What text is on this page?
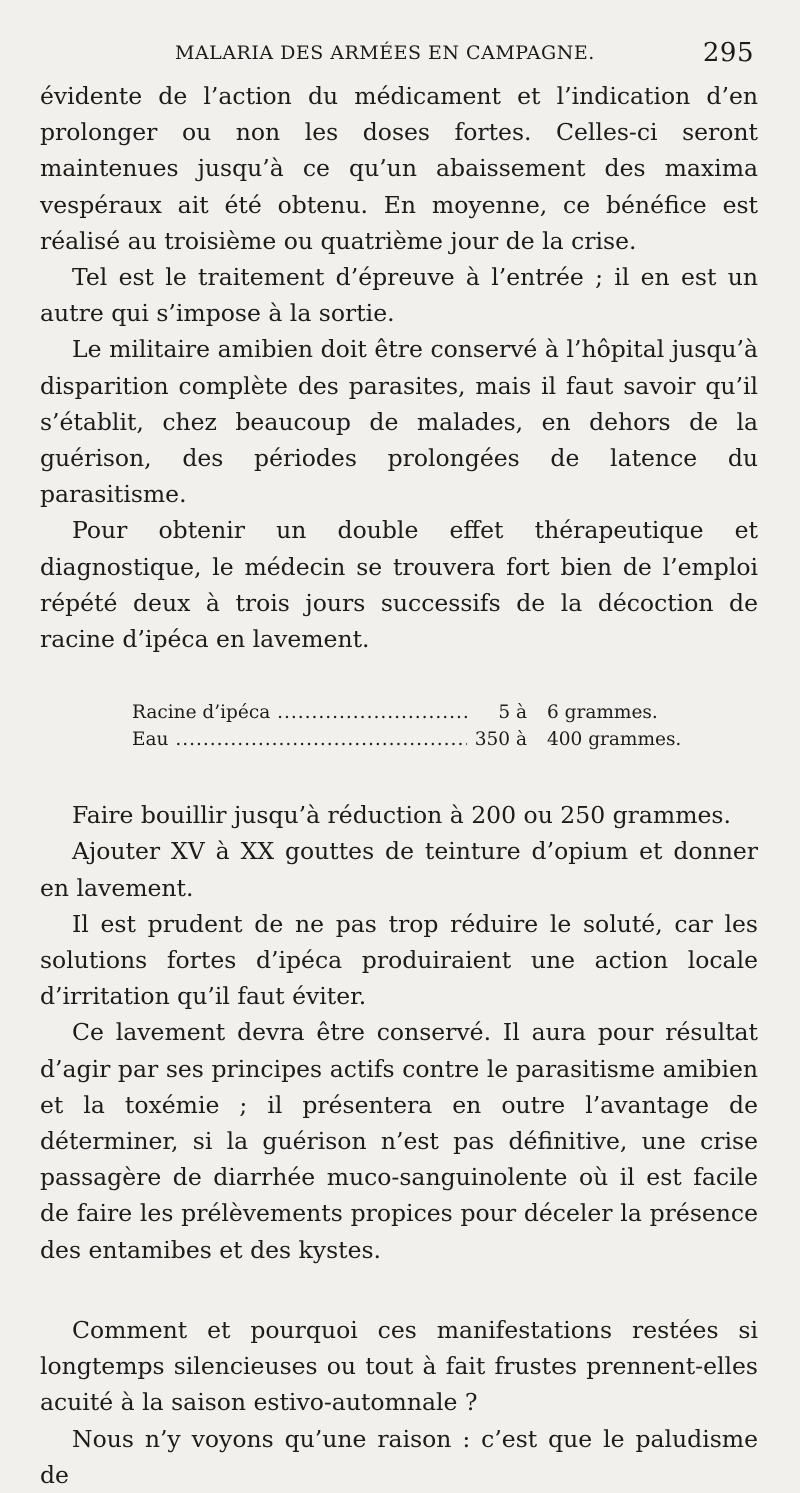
MALARIA DES ARMÉES EN CAMPAGNE.	295

évidente de l’action du médicament et l’indication d’en prolonger ou non les doses fortes. Celles-ci seront maintenues jusqu’à ce qu’un abaissement des maxima vespéraux ait été obtenu. En moyenne, ce bénéfice est réalisé au troisième ou quatrième jour de la crise.

Tel est le traitement d’épreuve à l’entrée ; il en est un autre qui s’impose à la sortie.

Le militaire amibien doit être conservé à l’hôpital jusqu’à disparition complète des parasites, mais il faut savoir qu’il s’établit, chez beaucoup de malades, en dehors de la guérison, des périodes prolongées de latence du parasitisme.

Pour obtenir un double effet thérapeutique et diagnostique, le médecin se trouvera fort bien de l’emploi répété deux à trois jours successifs de la décoction de racine d’ipéca en lavement.

Racine d’ipéca .....	5 à 6 grammes.
Eau .....	350 à 400 grammes.

Faire bouillir jusqu’à réduction à 200 ou 250 grammes.

Ajouter XV à XX gouttes de teinture d’opium et donner en lavement.

Il est prudent de ne pas trop réduire le soluté, car les solutions fortes d’ipéca produiraient une action locale d’irritation qu’il faut éviter.

Ce lavement devra être conservé. Il aura pour résultat d’agir par ses principes actifs contre le parasitisme amibien et la toxémie ; il présentera en outre l’avantage de déterminer, si la guérison n’est pas définitive, une crise passagère de diarrhée muco-sanguinolente où il est facile de faire les prélèvements propices pour déceler la présence des entamibes et des kystes.

Comment et pourquoi ces manifestations restées si longtemps silencieuses ou tout à fait frustes prennent-elles acuité à la saison estivo-automnale ?

Nous n’y voyons qu’une raison : c’est que le paludisme de
